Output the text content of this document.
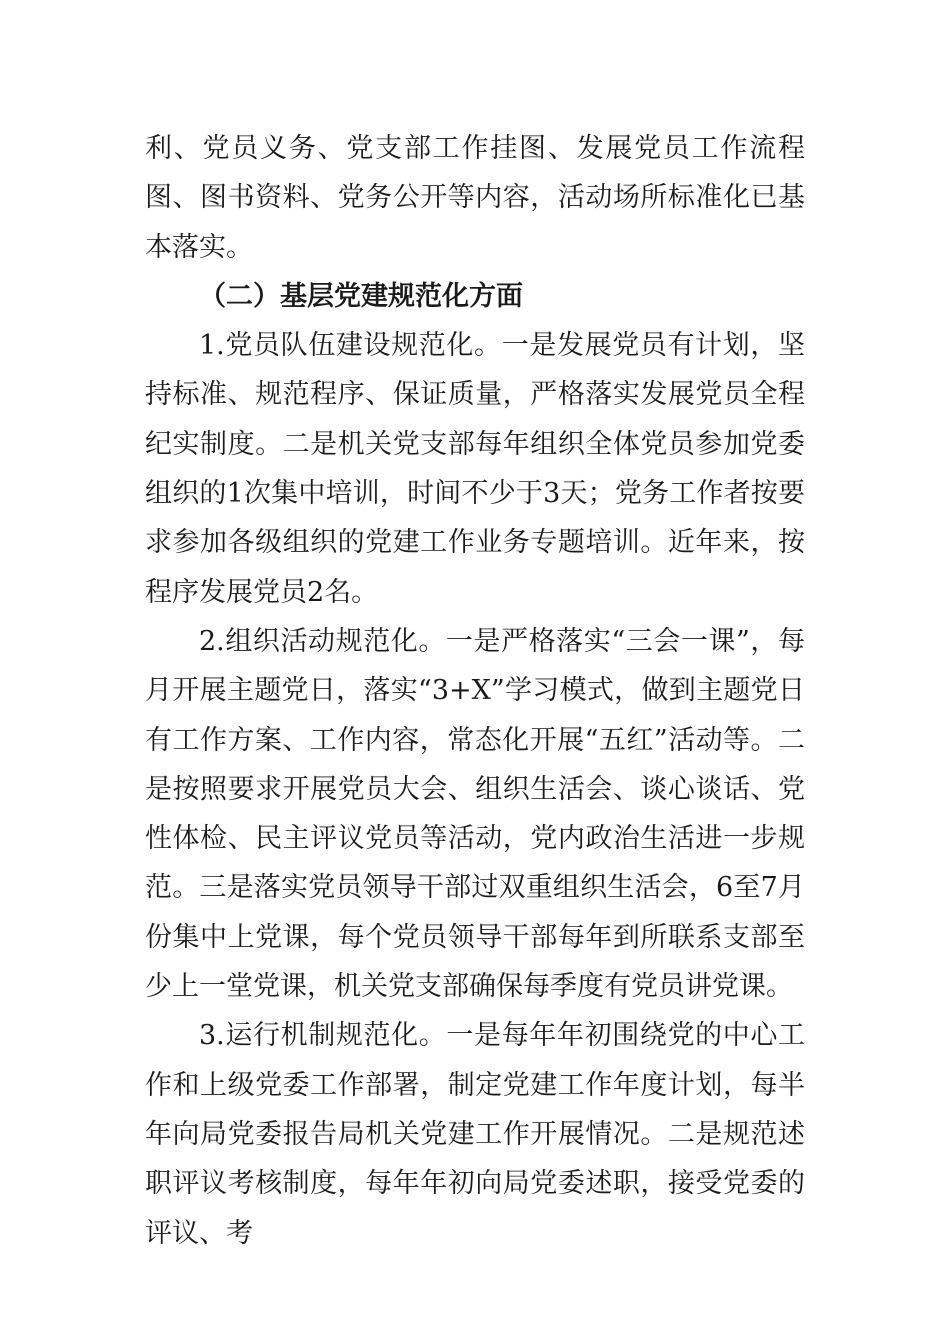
利、党员义务、党支部工作挂图、发展党员工作流程图、图书资料、党务公开等内容，活动场所标准化已基本落实。

（二）基层党建规范化方面

1.党员队伍建设规范化。一是发展党员有计划，坚持标准、规范程序、保证质量，严格落实发展党员全程纪实制度。二是机关党支部每年组织全体党员参加党委组织的1次集中培训，时间不少于3天；党务工作者按要求参加各级组织的党建工作业务专题培训。近年来，按程序发展党员2名。

2.组织活动规范化。一是严格落实“三会一课”，每月开展主题党日，落实“3+X”学习模式，做到主题党日有工作方案、工作内容，常态化开展“五红”活动等。二是按照要求开展党员大会、组织生活会、谈心谈话、党性体检、民主评议党员等活动，党内政治生活进一步规范。三是落实党员领导干部过双重组织生活会，6至7月份集中上党课，每个党员领导干部每年到所联系支部至少上一堂党课，机关党支部确保每季度有党员讲党课。

3.运行机制规范化。一是每年年初围绕党的中心工作和上级党委工作部署，制定党建工作年度计划，每半年向局党委报告局机关党建工作开展情况。二是规范述职评议考核制度，每年年初向局党委述职，接受党委的评议、考
